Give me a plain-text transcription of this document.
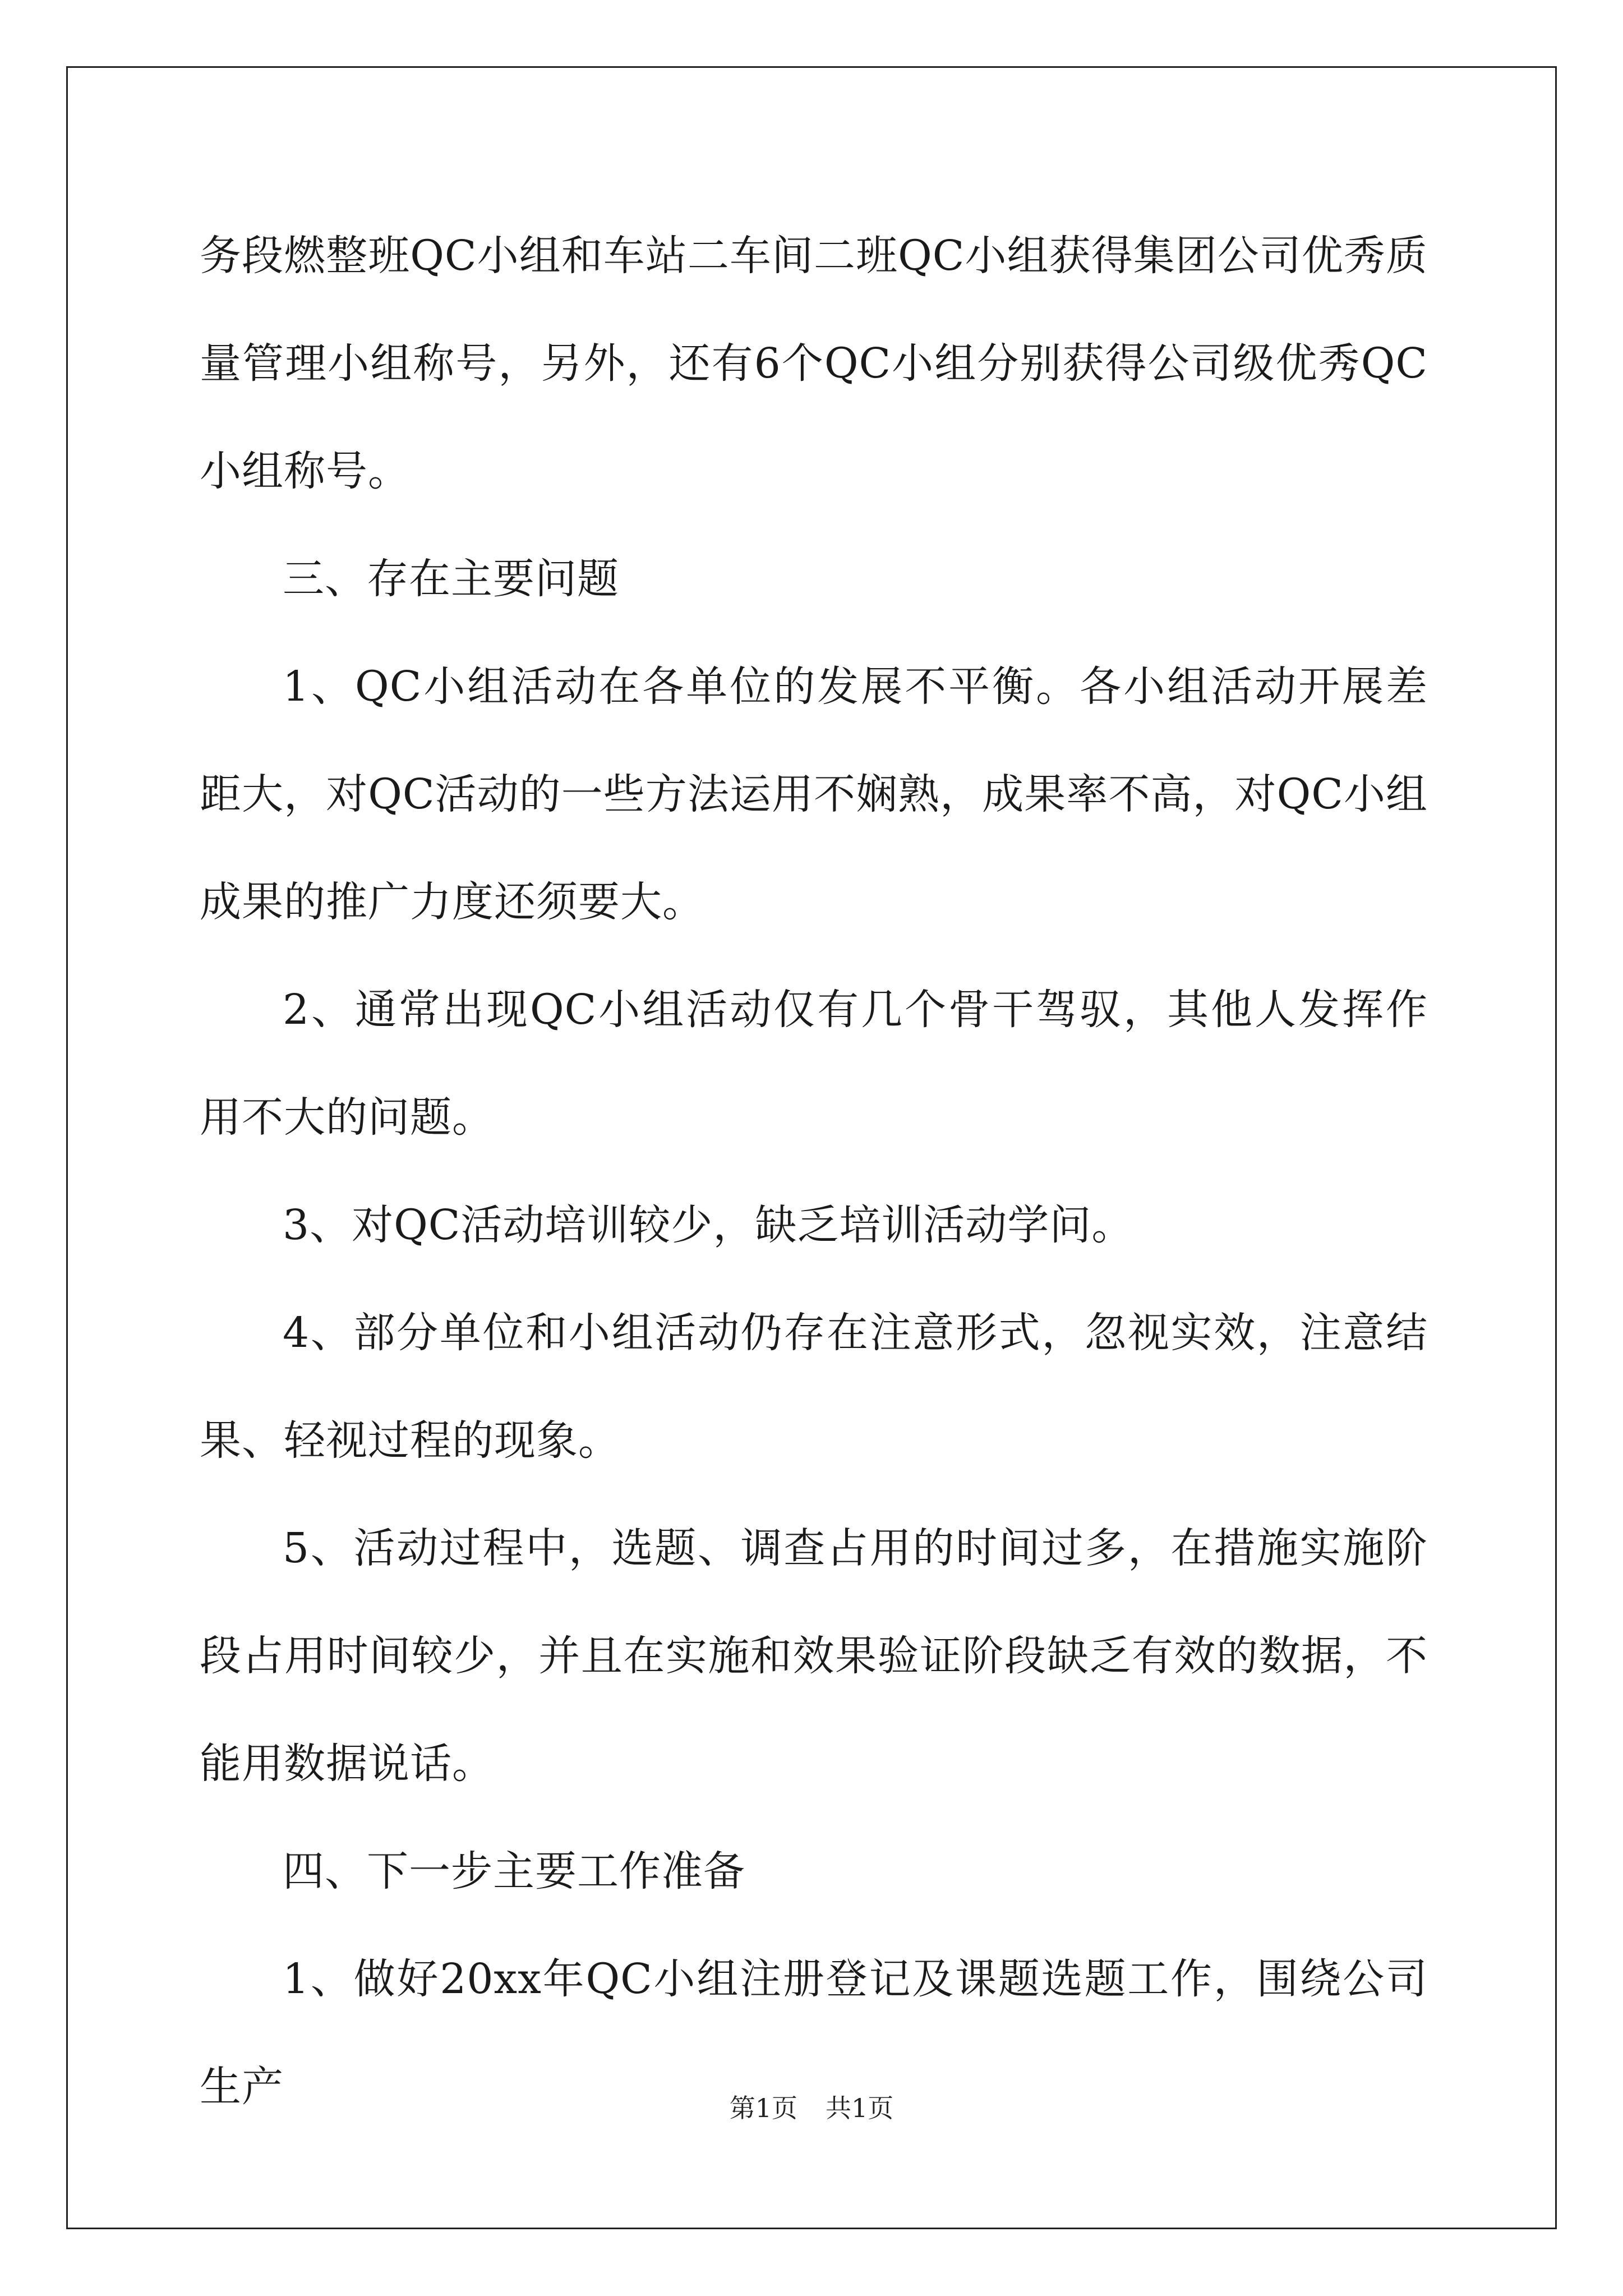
务段燃整班QC小组和车站二车间二班QC小组获得集团公司优秀质量管理小组称号，另外，还有6个QC小组分别获得公司级优秀QC小组称号。

三、存在主要问题

1、QC小组活动在各单位的发展不平衡。各小组活动开展差距大，对QC活动的一些方法运用不娴熟，成果率不高，对QC小组成果的推广力度还须要大。

2、通常出现QC小组活动仅有几个骨干驾驭，其他人发挥作用不大的问题。

3、对QC活动培训较少，缺乏培训活动学问。

4、部分单位和小组活动仍存在注意形式，忽视实效，注意结果、轻视过程的现象。

5、活动过程中，选题、调查占用的时间过多，在措施实施阶段占用时间较少，并且在实施和效果验证阶段缺乏有效的数据，不能用数据说话。

四、下一步主要工作准备

1、做好20xx年QC小组注册登记及课题选题工作，围绕公司生产	第1页 共1页
